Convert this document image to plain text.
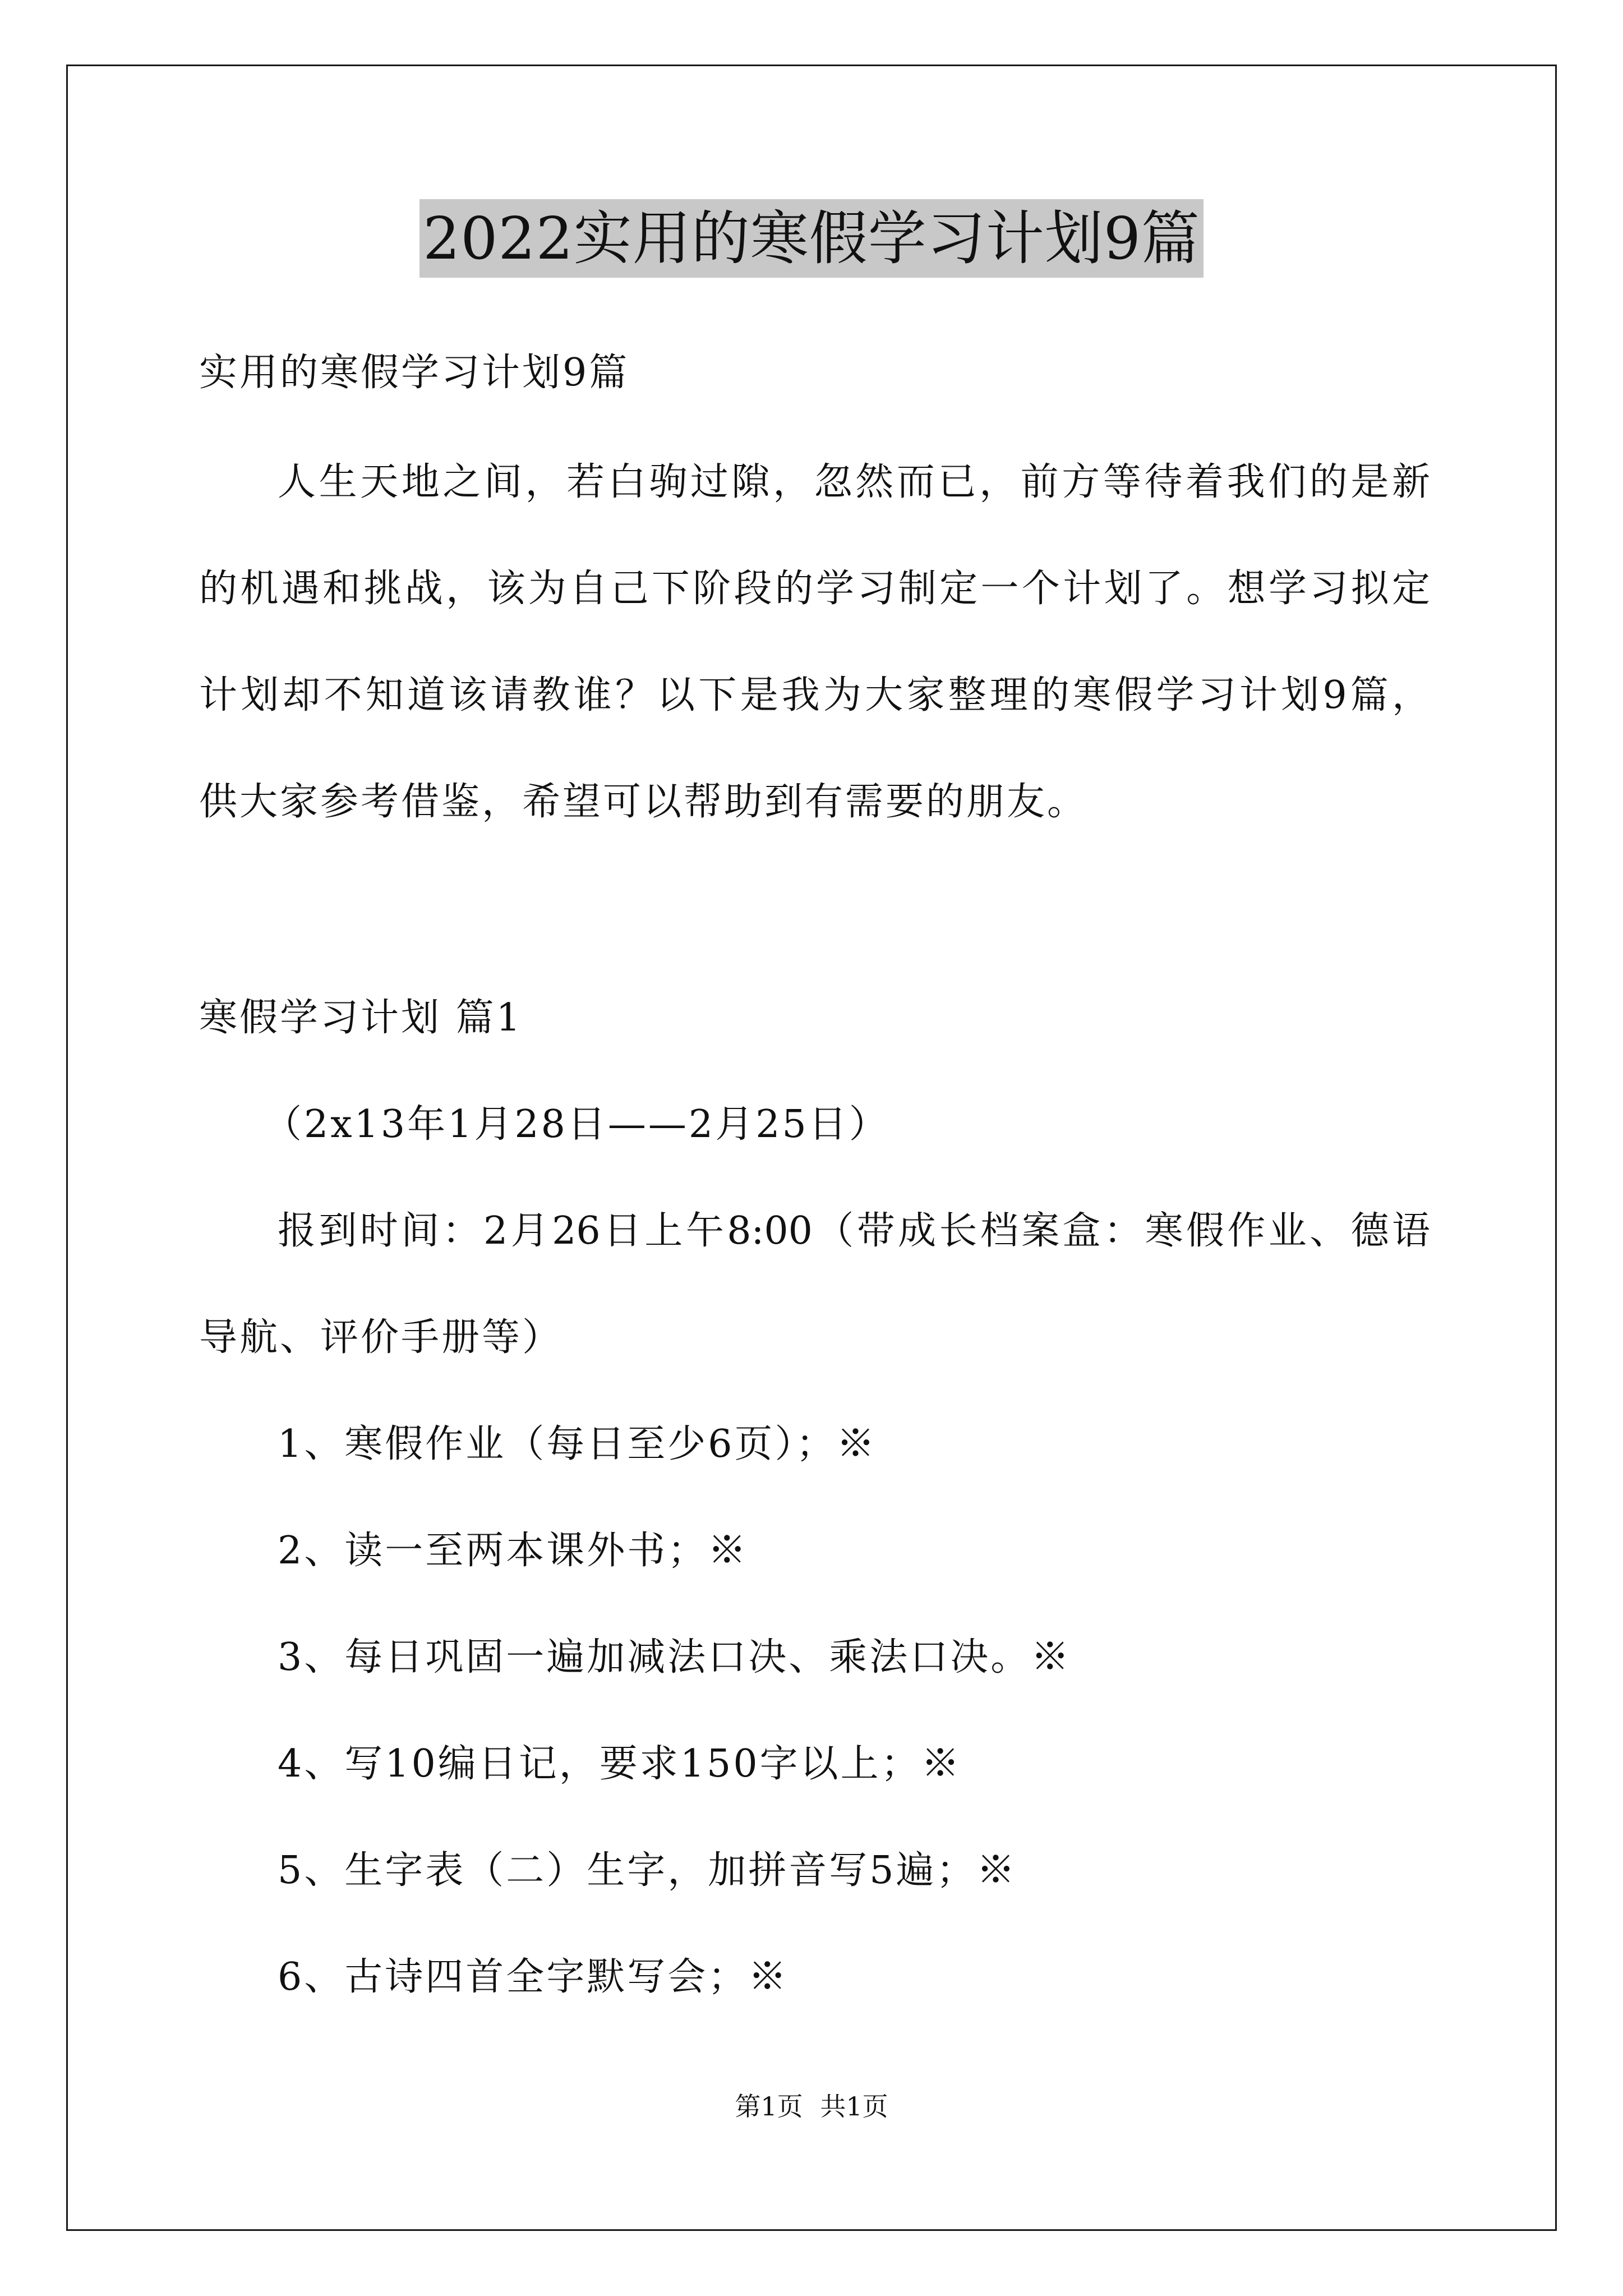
2022实用的寒假学习计划9篇
实用的寒假学习计划9篇
人生天地之间，若白驹过隙，忽然而已，前方等待着我们的是新
的机遇和挑战，该为自己下阶段的学习制定一个计划了。想学习拟定
计划却不知道该请教谁？以下是我为大家整理的寒假学习计划9篇，
供大家参考借鉴，希望可以帮助到有需要的朋友。
寒假学习计划 篇1
（2x13年1月28日——2月25日）
报到时间：2月26日上午8:00（带成长档案盒：寒假作业、德语
导航、评价手册等）
1、寒假作业（每日至少6页）；※
2、读一至两本课外书；※
3、每日巩固一遍加减法口决、乘法口决。※
4、写10编日记，要求150字以上；※
5、生字表（二）生字，加拼音写5遍；※
6、古诗四首全字默写会；※
第1页 共1页
